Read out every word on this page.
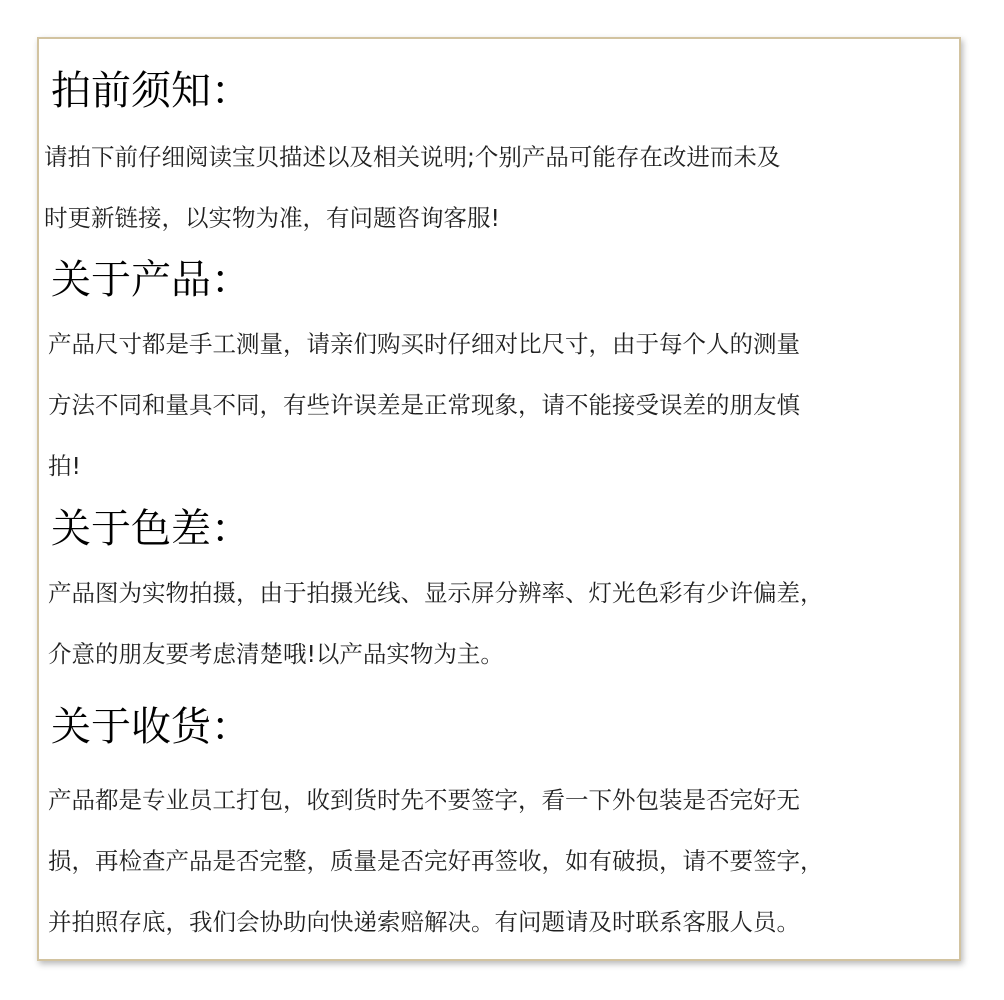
拍前须知：

请拍下前仔细阅读宝贝描述以及相关说明;个别产品可能存在改进而未及
时更新链接，以实物为准，有问题咨询客服!

关于产品：

产品尺寸都是手工测量，请亲们购买时仔细对比尺寸，由于每个人的测量
方法不同和量具不同，有些许误差是正常现象，请不能接受误差的朋友慎
拍!

关于色差：

产品图为实物拍摄，由于拍摄光线、显示屏分辨率、灯光色彩有少许偏差，
介意的朋友要考虑清楚哦!以产品实物为主。

关于收货：

产品都是专业员工打包，收到货时先不要签字，看一下外包装是否完好无
损，再检查产品是否完整，质量是否完好再签收，如有破损，请不要签字，
并拍照存底，我们会协助向快递索赔解决。有问题请及时联系客服人员。
